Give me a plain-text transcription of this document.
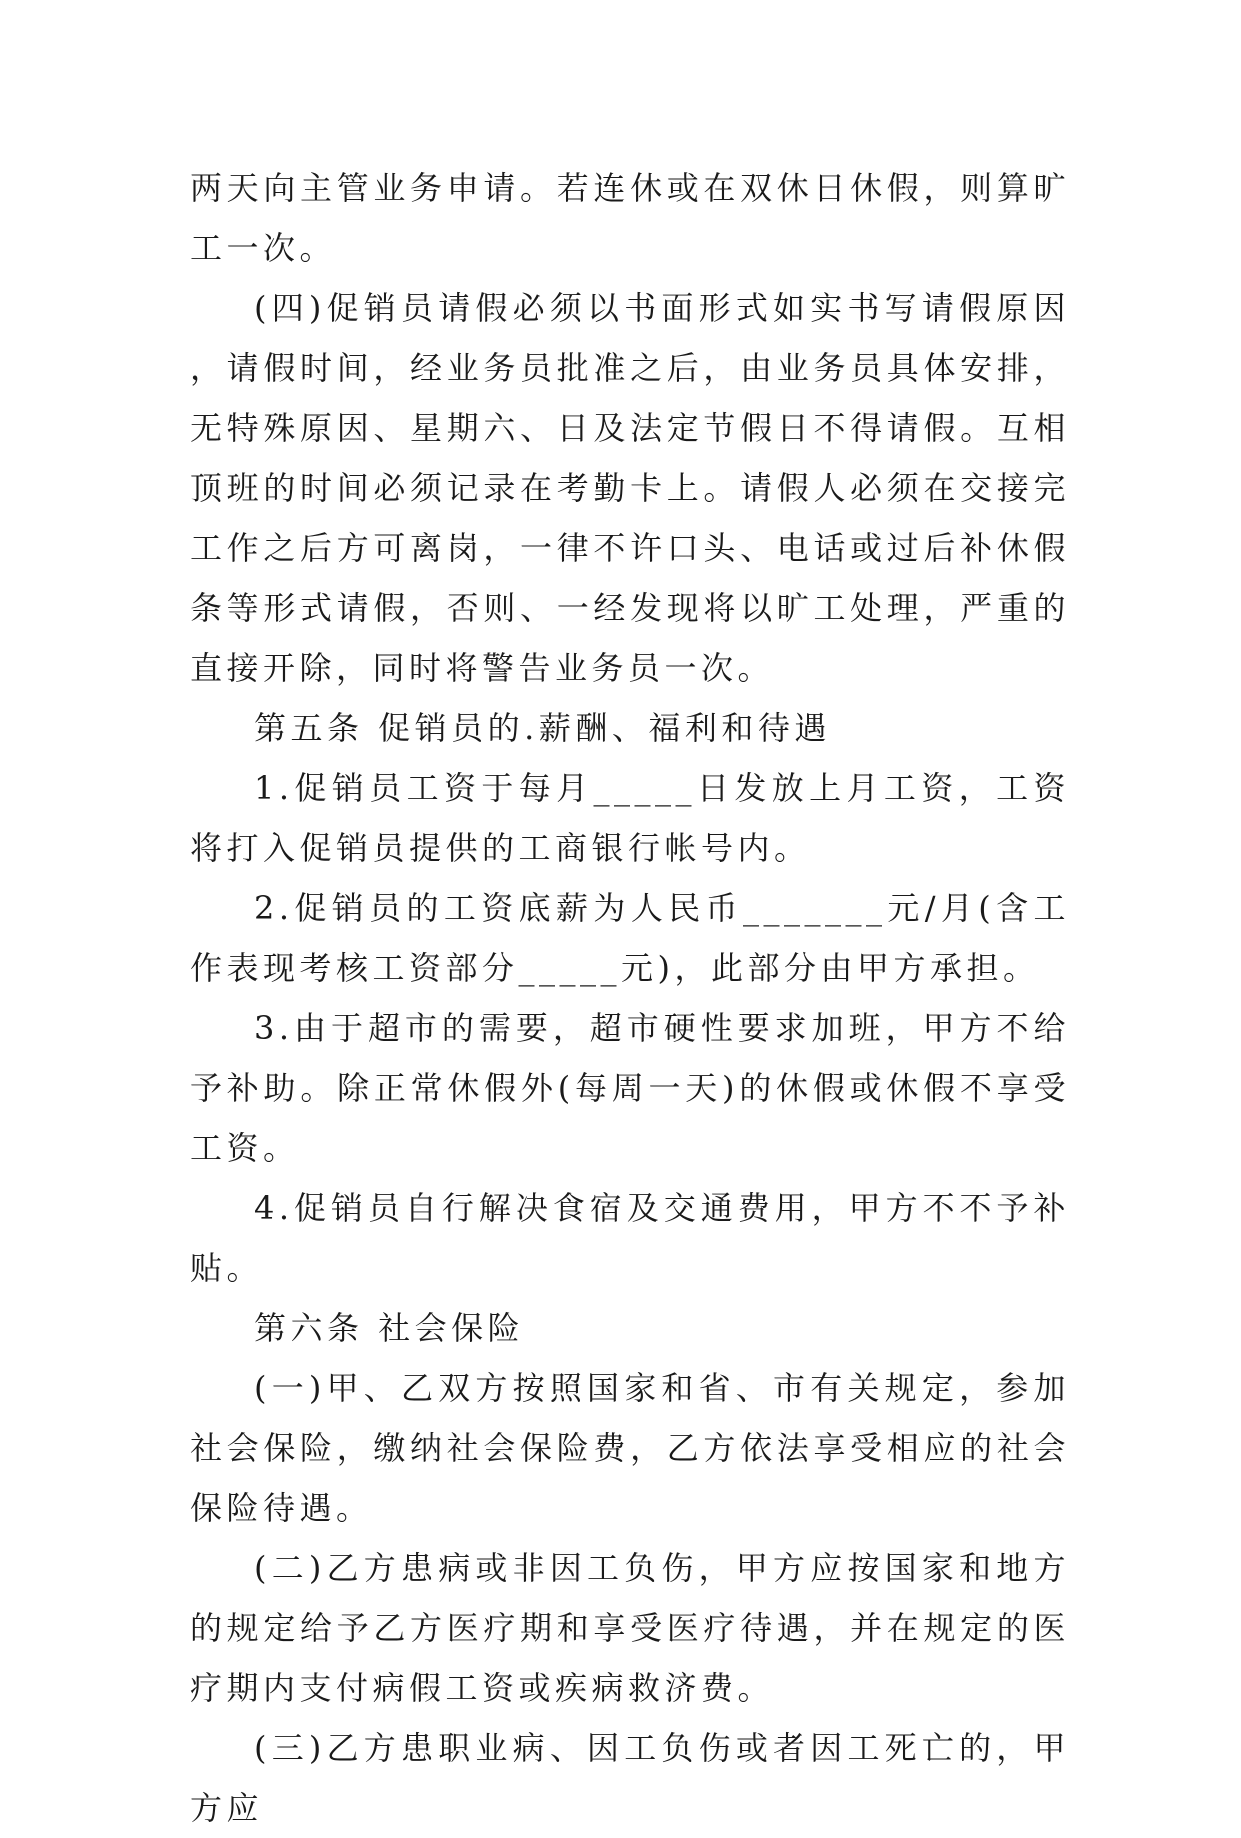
两天向主管业务申请。若连休或在双休日休假，则算旷工一次。

(四)促销员请假必须以书面形式如实书写请假原因，请假时间，经业务员批准之后，由业务员具体安排，无特殊原因、星期六、日及法定节假日不得请假。互相顶班的时间必须记录在考勤卡上。请假人必须在交接完工作之后方可离岗，一律不许口头、电话或过后补休假条等形式请假，否则、一经发现将以旷工处理，严重的直接开除，同时将警告业务员一次。

第五条 促销员的.薪酬、福利和待遇

1.促销员工资于每月_____日发放上月工资，工资将打入促销员提供的工商银行帐号内。

2.促销员的工资底薪为人民币_______元/月(含工作表现考核工资部分_____元)，此部分由甲方承担。

3.由于超市的需要，超市硬性要求加班，甲方不给予补助。除正常休假外(每周一天)的休假或休假不享受工资。

4.促销员自行解决食宿及交通费用，甲方不不予补贴。

第六条 社会保险

(一)甲、乙双方按照国家和省、市有关规定，参加社会保险，缴纳社会保险费，乙方依法享受相应的社会保险待遇。

(二)乙方患病或非因工负伤，甲方应按国家和地方的规定给予乙方医疗期和享受医疗待遇，并在规定的医疗期内支付病假工资或疾病救济费。

(三)乙方患职业病、因工负伤或者因工死亡的，甲方应
